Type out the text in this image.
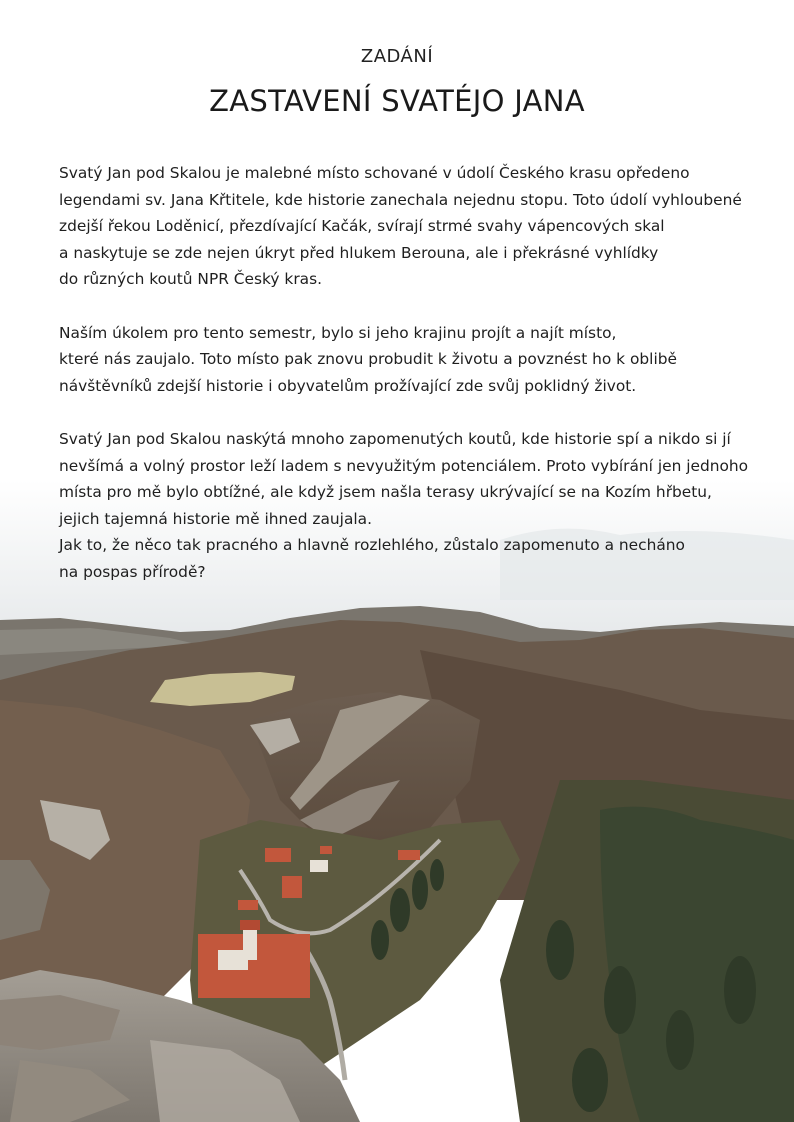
ZADÁNÍ
ZASTAVENÍ SVATÉJO JANA

Svatý Jan pod Skalou je malebné místo schované v údolí Českého krasu opředeno
legendami sv. Jana Křtitele, kde historie zanechala nejednu stopu. Toto údolí vyhloubené
zdejší řekou Loděnicí, přezdívající Kačák, svírají strmé svahy vápencových skal
a naskytuje se zde nejen úkryt před hlukem Berouna, ale i překrásné vyhlídky
do různých koutů NPR Český kras.

Naším úkolem pro tento semestr, bylo si jeho krajinu projít a najít místo,
které nás zaujalo. Toto místo pak znovu probudit k životu a povznést ho k oblibě
návštěvníků zdejší historie i obyvatelům prožívající zde svůj poklidný život.

Svatý Jan pod Skalou naskýtá mnoho zapomenutých koutů, kde historie spí a nikdo si jí
nevšímá a volný prostor leží ladem s nevyužitým potenciálem. Proto vybírání jen jednoho
místa pro mě bylo obtížné, ale když jsem našla terasy ukrývající se na Kozím hřbetu,
jejich tajemná historie mě ihned zaujala.
Jak to, že něco tak pracného a hlavně rozlehlého, zůstalo zapomenuto a necháno
na pospas přírodě?
